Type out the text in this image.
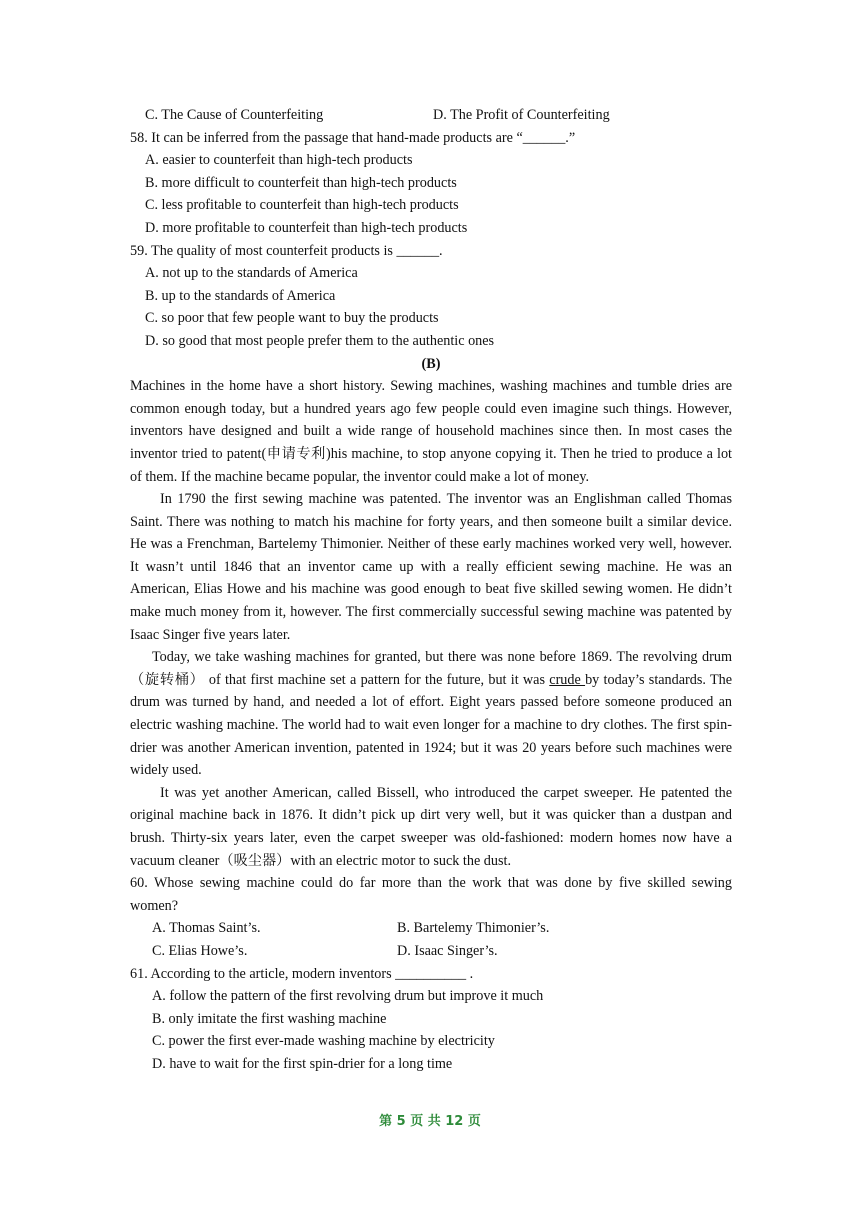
C. The Cause of Counterfeiting	D. The Profit of Counterfeiting
58. It can be inferred from the passage that hand-made products are “______.”
A. easier to counterfeit than high-tech products
B. more difficult to counterfeit than high-tech products
C. less profitable to counterfeit than high-tech products
D. more profitable to counterfeit than high-tech products
59. The quality of most counterfeit products is ______.
A. not up to the standards of America
B. up to the standards of America
C. so poor that few people want to buy the products
D. so good that most people prefer them to the authentic ones
(B)

Machines in the home have a short history. Sewing machines, washing machines and tumble dries are common enough today, but a hundred years ago few people could even imagine such things. However, inventors have designed and built a wide range of household machines since then. In most cases the inventor tried to patent(申请专利)his machine, to stop anyone copying it. Then he tried to produce a lot of them. If the machine became popular, the inventor could make a lot of money.

In 1790 the first sewing machine was patented. The inventor was an Englishman called Thomas Saint. There was nothing to match his machine for forty years, and then someone built a similar device. He was a Frenchman, Bartelemy Thimonier. Neither of these early machines worked very well, however. It wasn’t until 1846 that an inventor came up with a really efficient sewing machine. He was an American, Elias Howe and his machine was good enough to beat five skilled sewing women. He didn’t make much money from it, however. The first commercially successful sewing machine was patented by Isaac Singer five years later.

Today, we take washing machines for granted, but there was none before 1869. The revolving drum（旋转桶） of that first machine set a pattern for the future, but it was crude by today’s standards. The drum was turned by hand, and needed a lot of effort. Eight years passed before someone produced an electric washing machine. The world had to wait even longer for a machine to dry clothes. The first spin-drier was another American invention, patented in 1924; but it was 20 years before such machines were widely used.

It was yet another American, called Bissell, who introduced the carpet sweeper. He patented the original machine back in 1876. It didn’t pick up dirt very well, but it was quicker than a dustpan and brush. Thirty-six years later, even the carpet sweeper was old-fashioned: modern homes now have a vacuum cleaner（吸尘器）with an electric motor to suck the dust.

60. Whose sewing machine could do far more than the work that was done by five skilled sewing women?

A. Thomas Saint’s.	B. Bartelemy Thimonier’s.
C. Elias Howe’s.	D. Isaac Singer’s.
61. According to the article, modern inventors __________ .
A. follow the pattern of the first revolving drum but improve it much
B. only imitate the first washing machine
C. power the first ever-made washing machine by electricity
D. have to wait for the first spin-drier for a long time
第 5 页 共 12 页
